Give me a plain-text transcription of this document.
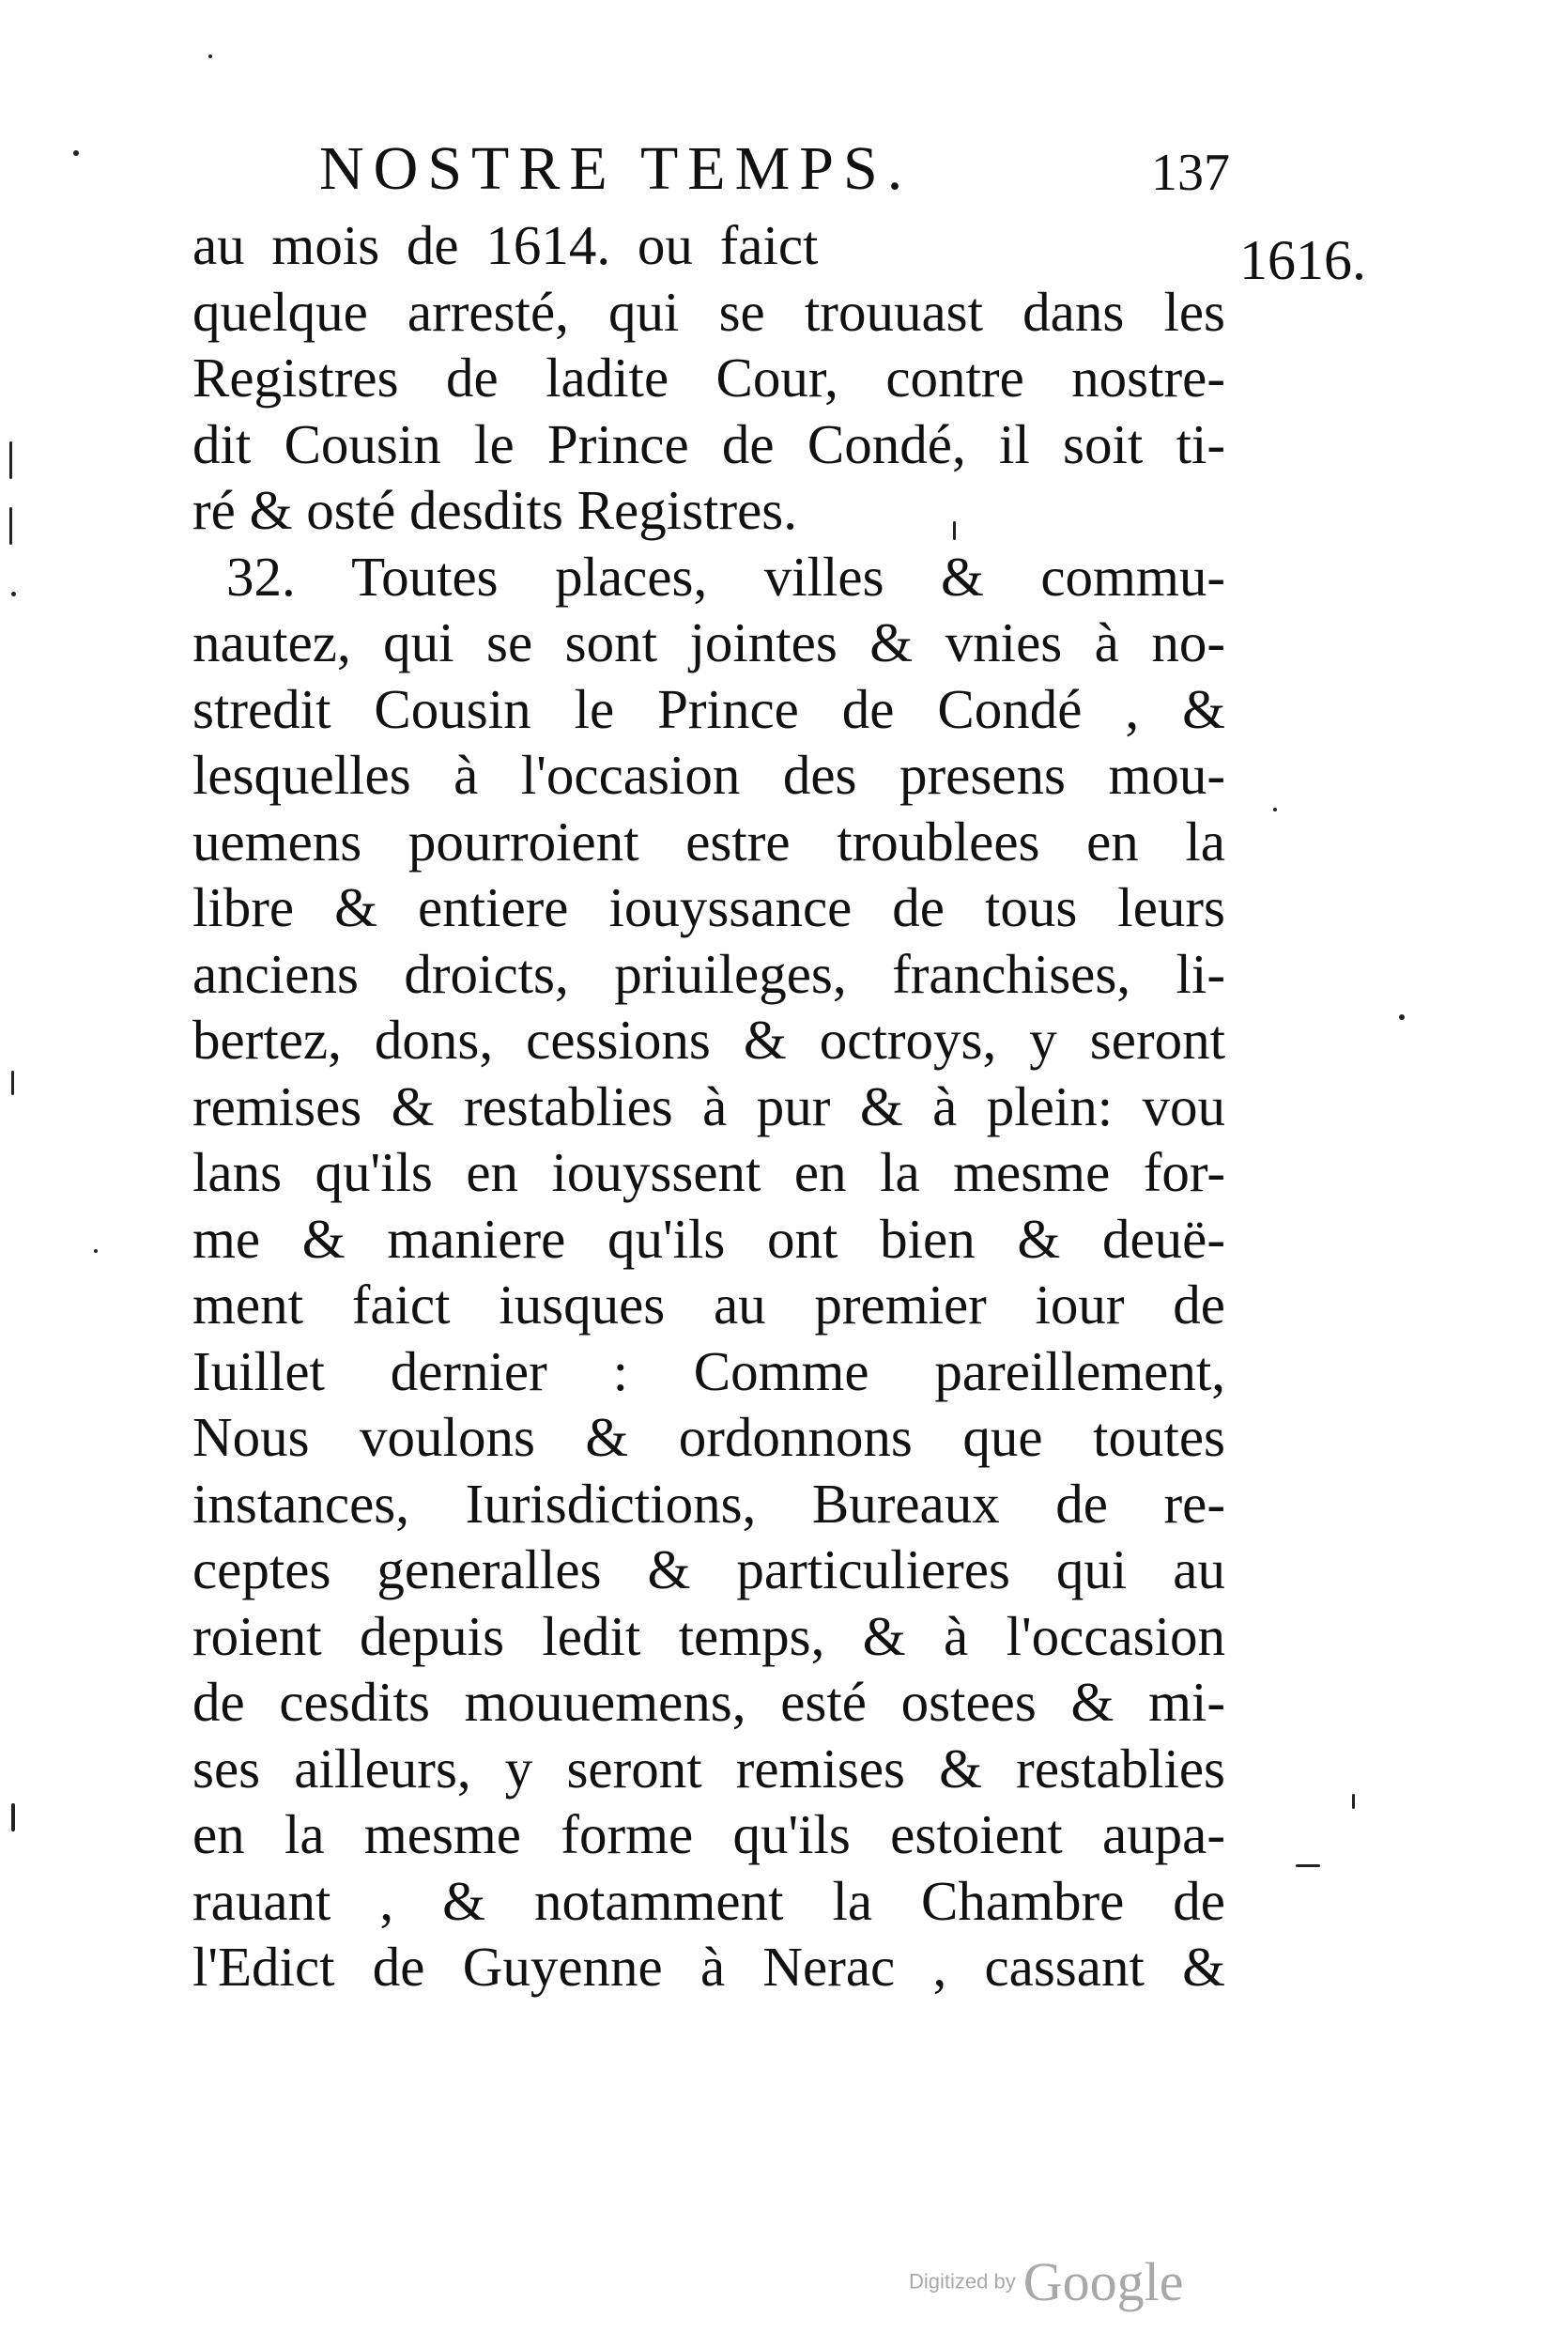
NOSTRE TEMPS.	137
1616.
au mois de 1614. ou faict
quelque arresté, qui se trouuast dans les
Registres de ladite Cour, contre nostre-
dit Cousin le Prince de Condé, il soit ti-
ré & osté desdits Registres.
32. Toutes places, villes & commu-
nautez, qui se sont jointes & vnies à no-
stredit Cousin le Prince de Condé , &
lesquelles à l'occasion des presens mou-
uemens pourroient estre troublees en la
libre & entiere iouyssance de tous leurs
anciens droicts, priuileges, franchises, li-
bertez, dons, cessions & octroys, y seront
remises & restablies à pur & à plein: vou
lans qu'ils en iouyssent en la mesme for-
me & maniere qu'ils ont bien & deuë-
ment faict iusques au premier iour de
Iuillet dernier : Comme pareillement,
Nous voulons & ordonnons que toutes
instances, Iurisdictions, Bureaux de re-
ceptes generalles & particulieres qui au
roient depuis ledit temps, & à l'occasion
de cesdits mouuemens, esté ostees & mi-
ses ailleurs, y seront remises & restablies
en la mesme forme qu'ils estoient aupa-
rauant , & notamment la Chambre de
l'Edict de Guyenne à Nerac , cassant &
Digitized by Google
